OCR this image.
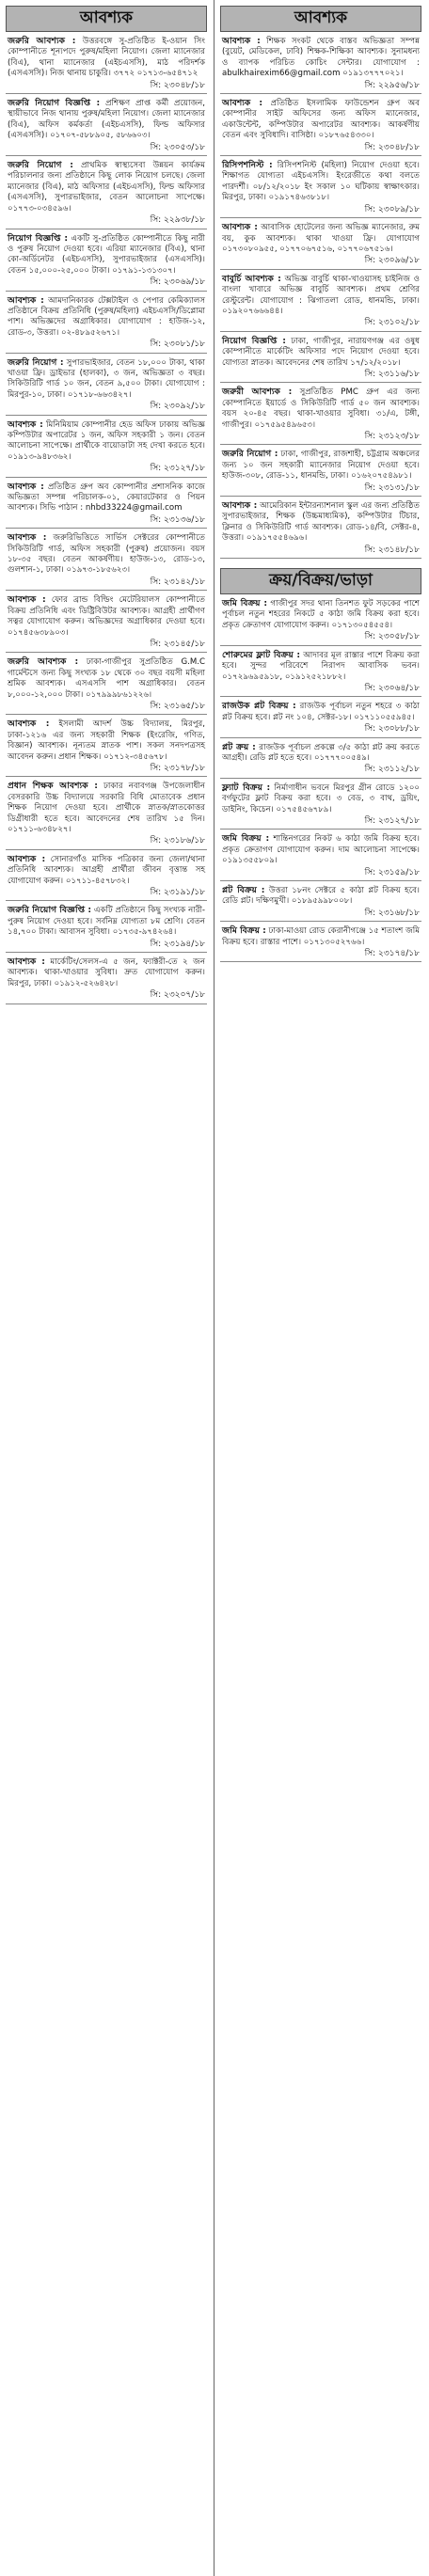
আবশ্যক
জরুরি আবশ্যক : উত্তরবঙ্গে সু-প্রতিষ্ঠিত ই-ওয়ান সিং কোম্পানীতে শূন্যপদে পুরুষ/মহিলা নিয়োগ। জেলা ম্যানেজার (বিএ), থানা ম্যানেজার (এইচএসসি), মাঠ পরিদর্শক (এসএসসি)। নিজ থানায় চাকুরি। ৩৭৭২ ০১৭১৩-৬৫৪৭১২
সি: ২৩০৪৮/১৮
জরুরি নিয়োগ বিজ্ঞপ্তি : প্রশিক্ষণ প্রাপ্ত কর্মী প্রয়োজন, স্থায়ীভাবে নিজ থানায় পুরুষ/মহিলা নিয়োগ। জেলা ম্যানেজার (বিএ), অফিস কর্মকর্তা (এইচএসসি), ফিল্ড অফিসার (এসএসসি)। ০১৭০৭-৫৮৮৯০৫, ৫৮৬৬০৩।
সি: ২৩০৫৩/১৮
জরুরি নিয়োগ : প্রাথমিক স্বাস্থ্যসেবা উন্নয়ন কার্যক্রম পরিচালনার জন্য প্রতিষ্ঠানে কিছু লোক নিয়োগ চলছে। জেলা ম্যানেজার (বিএ), মাঠ অফিসার (এইচএসসি), ফিল্ড অফিসার (এসএসসি), সুপারভাইজার, বেতন আলোচনা সাপেক্ষে। ০১৭৭৩-০৩৪৫৯৬।
সি: ২২৯৩৮/১৮
নিয়োগ বিজ্ঞপ্তি : একটি সু-প্রতিষ্ঠিত কোম্পানীতে কিছু নারী ও পুরুষ নিয়োগ দেওয়া হবে। এরিয়া ম্যানেজার (বিএ), থানা কো-অর্ডিনেটর (এইচএসসি), সুপারভাইজার (এসএসসি)। বেতন ১৫,০০০-২৫,০০০ টাকা। ০১৭৯১-১৩১৩০৭।
সি: ২৩০৬৯/১৮
আবশ্যক : আমদানিকারক টেক্সটাইল ও পেপার কেমিক্যালস প্রতিষ্ঠানে বিক্রয় প্রতিনিধি (পুরুষ/মহিলা) এইচএসসি/ডিপ্লোমা পাশ। অভিজ্ঞদের অগ্রাধিকার। যোগাযোগ : হাউজ-১২, রোড-৩, উত্তরা। ০২-৪৮৯৫২৬৭১।
সি: ২৩০৮১/১৮
জরুরি নিয়োগ : সুপারভাইজার, বেতন ১৮,০০০ টাকা, থাকা খাওয়া ফ্রি। ড্রাইভার (হালকা), ৩ জন, অভিজ্ঞতা ৩ বছর। সিকিউরিটি গার্ড ১০ জন, বেতন ৯,৫০০ টাকা। যোগাযোগ : মিরপুর-১০, ঢাকা। ০১৭১৮-৬৬৩৪২৭।
সি: ২৩০৯২/১৮
আবশ্যক : মিনিমিয়াম কোম্পানীর হেড অফিস ঢাকায় অভিজ্ঞ কম্পিউটার অপারেটর ১ জন, অফিস সহকারী ১ জন। বেতন আলোচনা সাপেক্ষে। প্রার্থীকে বায়োডাটা সহ দেখা করতে হবে। ০১৯১৩-৯৪৮৩৬২।
সি: ২৩১২৭/১৮
আবশ্যক : প্রতিষ্ঠিত গ্রুপ অব কোম্পানীর প্রশাসনিক কাজে অভিজ্ঞতা সম্পন্ন পরিচালক-০১, কেয়ারটেকার ও পিয়ন আবশ্যক। সিভি পাঠান : nhbd33224@gmail.com
সি: ২৩১৩৬/১৮
আবশ্যক : জরুরিভিত্তিতে সার্ভিস সেক্টরের কোম্পানীতে সিকিউরিটি গার্ড, অফিস সহকারী (পুরুষ) প্রয়োজন। বয়স ১৮-৩৫ বছর। বেতন আকর্ষণীয়। হাউজ-১৩, রোড-১৩, গুলশান-১, ঢাকা। ০১৯৭৩-১৮৫৬২৩।
সি: ২৩১৪২/১৮
আবশ্যক : ফোর ব্রান্ড বিল্ডিং মেটেরিয়ালস কোম্পানীতে বিক্রয় প্রতিনিধি এবং ডিষ্ট্রিবিউটর আবশ্যক। আগ্রহী প্রার্থীগণ সত্বর যোগাযোগ করুন। অভিজ্ঞদের অগ্রাধিকার দেওয়া হবে। ০১৭৪৫৬৩৮৯০৩।
সি: ২৩১৪৫/১৮
জরুরি আবশ্যক : ঢাকা-গাজীপুর সুপ্রতিষ্ঠিত G.M.C গার্মেন্টসে জন্য কিছু সংখ্যক ১৮ থেকে ৩০ বছর বয়সী মহিলা শ্রমিক আবশ্যক। এসএসসি পাশ অগ্রাধিকার। বেতন ৮,০০০-১২,০০০ টাকা। ০১৭৯৯৯৮৬১২২৬।
সি: ২৩১৬৫/১৮
আবশ্যক : ইসলামী আদর্শ উচ্চ বিদ্যালয়, মিরপুর, ঢাকা-১২১৬ এর জন্য সহকারী শিক্ষক (ইংরেজি, গণিত, বিজ্ঞান) আবশ্যক। নূন্যতম স্নাতক পাশ। সকল সনদপত্রসহ আবেদন করুন। প্রধান শিক্ষক। ০১৭১২-৩৪৫৬৭৮।
সি: ২৩১৭৮/১৮
প্রধান শিক্ষক আবশ্যক : ঢাকার নবাবগঞ্জ উপজেলাধীন বেসরকারি উচ্চ বিদ্যালয়ে সরকারি বিধি মোতাবেক প্রধান শিক্ষক নিয়োগ দেওয়া হবে। প্রার্থীকে স্নাতক/স্নাতকোত্তর ডিগ্রীধারী হতে হবে। আবেদনের শেষ তারিখ ১৫ দিন। ০১৭১১-৬৩৪৮২৭।
সি: ২৩১৮৬/১৮
আবশ্যক : সোনারগাঁও মাসিক পত্রিকার জন্য জেলা/থানা প্রতিনিধি আবশ্যক। আগ্রহী প্রার্থীরা জীবন বৃত্তান্ত সহ যোগাযোগ করুন। ০১৭১১-৪৫৭৮৩২।
সি: ২৩১৯১/১৮
জরুরি নিয়োগ বিজ্ঞপ্তি : একটি প্রতিষ্ঠানে কিছু সংখ্যক নারী-পুরুষ নিয়োগ দেওয়া হবে। সর্বনিম্ন যোগ্যতা ৮ম শ্রেণি। বেতন ১৪,৭০০ টাকা। আবাসন সুবিধা। ০১৭৩৫-৯৭৪২৬৪।
সি: ২৩১৯৪/১৮
আবশ্যক : মার্কেটিং/সেলস-এ ৫ জন, ফ্যাক্টরী-তে ২ জন আবশ্যক। থাকা-খাওয়ার সুবিধা। দ্রুত যোগাযোগ করুন। মিরপুর, ঢাকা। ০১৯১২-৫২৬৪২৮।
সি: ২৩২০৭/১৮
আবশ্যক
আবশ্যক : শিক্ষক সংকট থেকে বাস্তব অভিজ্ঞতা সম্পন্ন (বুয়েট, মেডিকেল, ঢাবি) শিক্ষক-শিক্ষিকা আবশ্যক। সুনামধন্য ও ব্যাপক পরিচিত কোচিং সেন্টার। যোগাযোগ : abulkhairexim66@gmail.com ০১৯১৩৭৭৭০২১।
সি: ২২৯৫৬/১৮
আবশ্যক : প্রতিষ্ঠিত ইসলামিক ফাউন্ডেশন গ্রুপ অব কোম্পানীর সাইট অফিসের জন্য অফিস ম্যানেজার, একাউন্টেন্ট, কম্পিউটার অপারেটর আবশ্যক। আকর্ষণীয় বেতন এবং সুবিধাদি। বাসিষ্ঠা। ০১৮৭৬৫৪৩৩০।
সি: ২৩০৪৮/১৮
রিসিপশনিস্ট : রিসিপশনিস্ট (মহিলা) নিয়োগ দেওয়া হবে। শিক্ষাগত যোগ্যতা এইচএসসি। ইংরেজীতে কথা বলতে পারদর্শী। ০৮/১২/২০১৮ ইং সকাল ১০ ঘটিকায় স্বাক্ষাৎকার। মিরপুর, ঢাকা। ০১৯১৭৪৬৩৮১৮।
সি: ২৩০৮৯/১৮
আবশ্যক : আবাসিক হোটেলের জন্য অভিজ্ঞ ম্যানেজার, রুম বয়, কুক আবশ্যক। থাকা খাওয়া ফ্রি। যোগাযোগ ০১৭৩০৮০৯৫৫, ০১৭৭০৬৭৫১৬, ০১৭৭০৬৭৫১৬।
সি: ২৩০৯৬/১৮
বাবুর্চি আবশ্যক : অভিজ্ঞ বাবুর্চি থাকা-খাওয়াসহ চাইনিজ ও বাংলা খাবারে অভিজ্ঞ বাবুর্চি আবশ্যক। প্রথম শ্রেণির রেস্টুরেন্ট। যোগাযোগ : ঝিগাতলা রোড, ধানমন্ডি, ঢাকা। ০১৯২০৭৬৬৬৪৪।
সি: ২৩১০২/১৮
নিয়োগ বিজ্ঞপ্তি : ঢাকা, গাজীপুর, নারায়ণগঞ্জ এর ওষুধ কোম্পানীতে মার্কেটিং অফিসার পদে নিয়োগ দেওয়া হবে। যোগ্যতা স্নাতক। আবেদনের শেষ তারিখ ১৭/১২/২০১৮।
সি: ২৩১১৬/১৮
জরুরী আবশ্যক : সুপ্রতিষ্ঠিত PMC গ্রুপ এর জন্য কোম্পানিতে ইয়ার্ডে ও সিকিউরিটি গার্ড ৫০ জন আবশ্যক। বয়স ২০-৪৫ বছর। থাকা-খাওয়ার সুবিধা। ৩১/এ, টঙ্গী, গাজীপুর। ০১৭৫৯৫৪৯৬৫৩।
সি: ২৩১২৩/১৮
জরুরি নিয়োগ : ঢাকা, গাজীপুর, রাজশাহী, চট্টগ্রাম অঞ্চলের জন্য ১০ জন সহকারী ম্যানেজার নিয়োগ দেওয়া হবে। হাউজ-৩০৮, রোড-১১, ধানমন্ডি, ঢাকা। ০১৬২০৭৫৪৯৮১।
সি: ২৩১৩১/১৮
আবশ্যক : আমেরিকান ইন্টারন্যাশনাল স্কুল এর জন্য প্রতিষ্ঠিত সুপারভাইজার, শিক্ষক (উচ্চমাধ্যমিক), কম্পিউটার টিচার, ক্লিনার ও সিকিউরিটি গার্ড আবশ্যক। রোড-১৪/বি, সেক্টর-৪, উত্তরা। ০১৯১৭৫৫৪৬৯৬।
সি: ২৩১৪৮/১৮
ক্রয়/বিক্রয়/ভাড়া
জমি বিক্রয় : গাজীপুর সদর থানা তিনশত ফুট সড়কের পাশে পূর্বাচল নতুন শহরের নিকটে ৫ কাঠা জমি বিক্রয় করা হবে। প্রকৃত ক্রেতাগণ যোগাযোগ করুন। ০১৭১৩০৫৪৫৫৪।
সি: ২৩০৫৮/১৮
শোরুমের ফ্লাট বিক্রয় : আদাবর মূল রাস্তার পাশে বিক্রয় করা হবে। সুন্দর পরিবেশে নিরাপদ আবাসিক ভবন। ০১৭২৯৬৯৫৯১৮, ০১৯১২৫২১৮৮২।
সি: ২৩০৬৪/১৮
রাজউক প্লট বিক্রয় : রাজউক পূর্বাচল নতুন শহরে ৩ কাঠা প্লট বিক্রয় হবে। প্লট নং ১০৪, সেক্টর-১৮। ০১৭১১০৫৫৯৪৫।
সি: ২৩০৮৮/১৮
প্লট ক্রয় : রাজউক পূর্বাচল প্রকল্পে ৩/৫ কাঠা প্লট ক্রয় করতে আগ্রহী। রেডি প্লট হতে হবে। ০১৭৭৭০০৫৪৯।
সি: ২৩১১২/১৮
ফ্ল্যাট বিক্রয় : নির্মাণাধীন ভবনে মিরপুর গ্রীন রোডে ১২০০ বর্গফুটের ফ্লাট বিক্রয় করা হবে। ৩ বেড, ৩ বাথ, ড্রয়িং, ডাইনিং, কিচেন। ০১৭৫৪৫৬৭৮৯।
সি: ২৩১২৭/১৮
জমি বিক্রয় : শান্তিনগরের নিকট ৬ কাঠা জমি বিক্রয় হবে। প্রকৃত ক্রেতাগণ যোগাযোগ করুন। দাম আলোচনা সাপেক্ষে। ০১৯১৩৫৫৮০৯।
সি: ২৩১৫৯/১৮
প্লট বিক্রয় : উত্তরা ১৮নং সেক্টরে ৫ কাঠা প্লট বিক্রয় হবে। রেডি প্লট। দক্ষিণমুখী। ০১৮৯৫৯৯৮০০৮।
সি: ২৩১৬৮/১৮
জমি বিক্রয় : ঢাকা-মাওয়া রোড কেরানীগঞ্জে ১৫ শতাংশ জমি বিক্রয় হবে। রাস্তার পাশে। ০১৭১৩০৫২৭৬৬।
সি: ২৩১৭৪/১৮
